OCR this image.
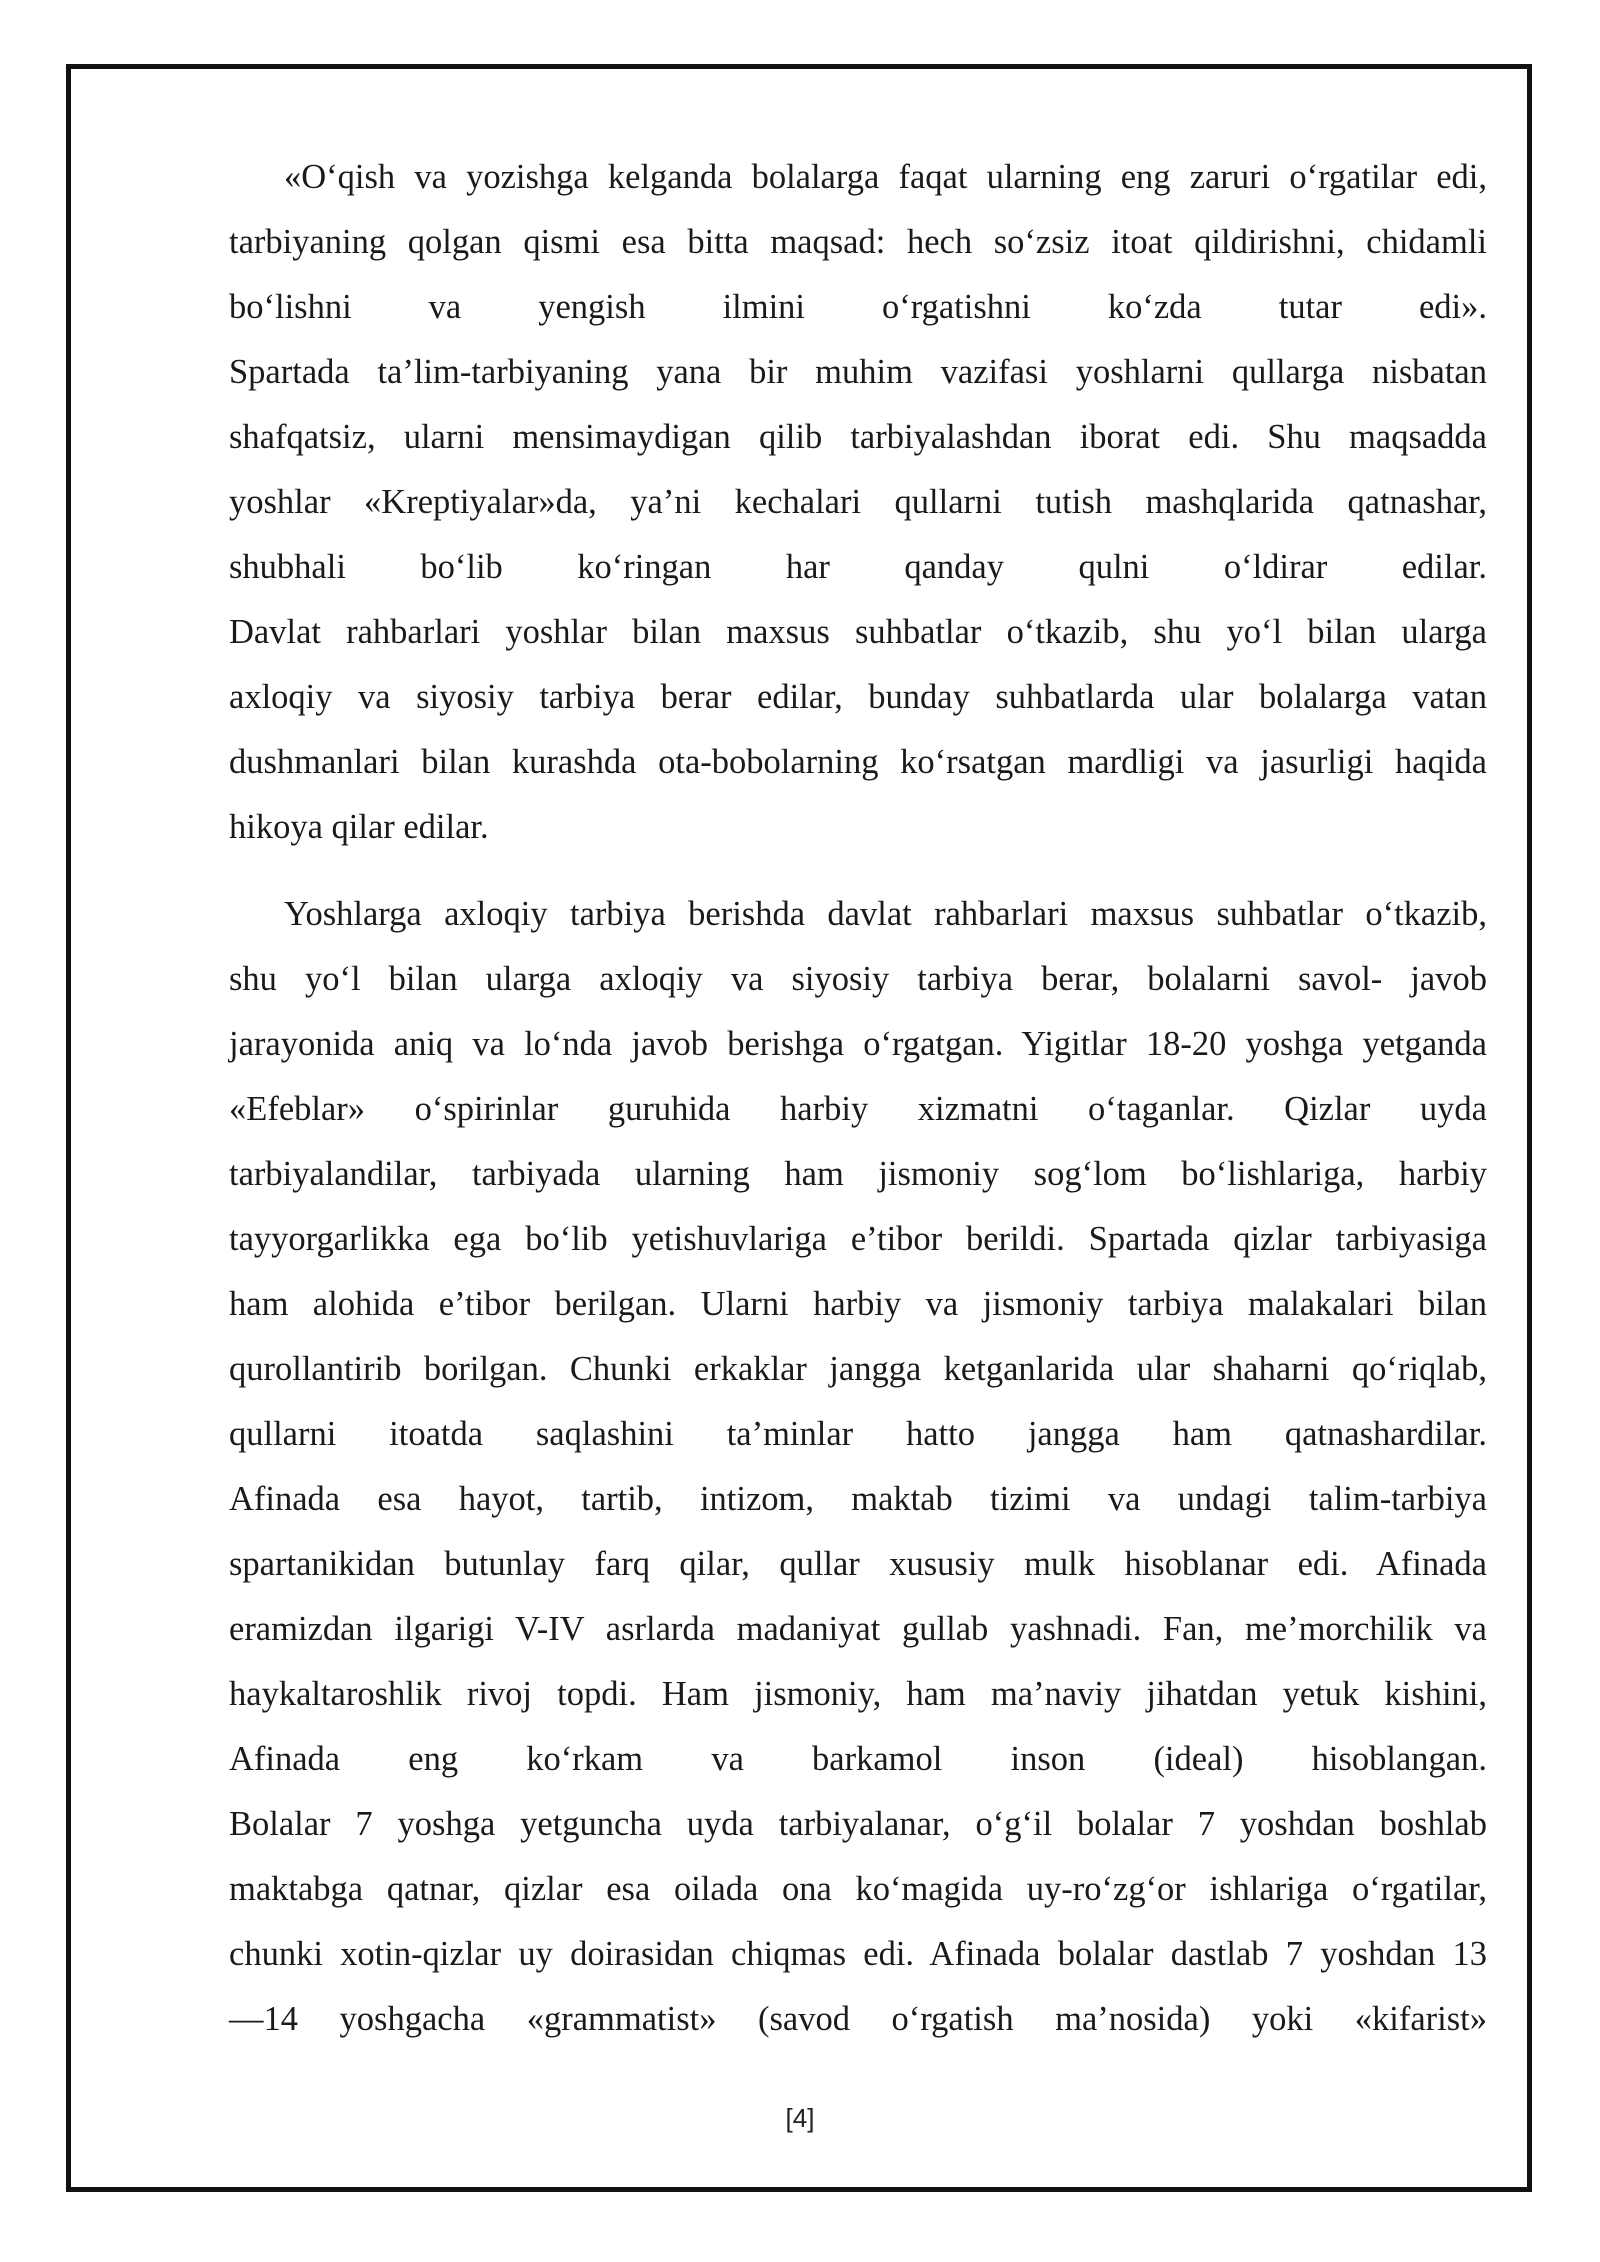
«O‘qish va yozishga kelganda bolalarga faqat ularning eng zaruri o‘rgatilar edi,
tarbiyaning qolgan qismi esa bitta maqsad: hech so‘zsiz itoat qildirishni, chidamli
bo‘lishni va yengish ilmini o‘rgatishni ko‘zda tutar edi».
Spartada ta’lim-tarbiyaning yana bir muhim vazifasi yoshlarni qullarga nisbatan
shafqatsiz, ularni mensimaydigan qilib tarbiyalashdan iborat edi. Shu maqsadda
yoshlar «Kreptiyalar»da, ya’ni kechalari qullarni tutish mashqlarida qatnashar,
shubhali bo‘lib ko‘ringan har qanday qulni o‘ldirar edilar.
Davlat rahbarlari yoshlar bilan maxsus suhbatlar o‘tkazib, shu yo‘l bilan ularga
axloqiy va siyosiy tarbiya berar edilar, bunday suhbatlarda ular bolalarga vatan
dushmanlari bilan kurashda ota-bobolarning ko‘rsatgan mardligi va jasurligi haqida
hikoya qilar edilar.
Yoshlarga axloqiy tarbiya berishda davlat rahbarlari maxsus suhbatlar o‘tkazib,
shu yo‘l bilan ularga axloqiy va siyosiy tarbiya berar, bolalarni savol- javob
jarayonida aniq va lo‘nda javob berishga o‘rgatgan. Yigitlar 18-20 yoshga yetganda
«Efeblar» o‘spirinlar guruhida harbiy xizmatni o‘taganlar. Qizlar uyda
tarbiyalandilar, tarbiyada ularning ham jismoniy sog‘lom bo‘lishlariga, harbiy
tayyorgarlikka ega bo‘lib yetishuvlariga e’tibor berildi. Spartada qizlar tarbiyasiga
ham alohida e’tibor berilgan. Ularni harbiy va jismoniy tarbiya malakalari bilan
qurollantirib borilgan. Chunki erkaklar jangga ketganlarida ular shaharni qo‘riqlab,
qullarni itoatda saqlashini ta’minlar hatto jangga ham qatnashardilar.
Afinada esa hayot, tartib, intizom, maktab tizimi va undagi talim-tarbiya
spartanikidan butunlay farq qilar, qullar xususiy mulk hisoblanar edi. Afinada
eramizdan ilgarigi V-IV asrlarda madaniyat gullab yashnadi. Fan, me’morchilik va
haykaltaroshlik rivoj topdi. Ham jismoniy, ham ma’naviy jihatdan yetuk kishini,
Afinada eng ko‘rkam va barkamol inson (ideal) hisoblangan.
Bolalar 7 yoshga yetguncha uyda tarbiyalanar, o‘g‘il bolalar 7 yoshdan boshlab
maktabga qatnar, qizlar esa oilada ona ko‘magida uy-ro‘zg‘or ishlariga o‘rgatilar,
chunki xotin-qizlar uy doirasidan chiqmas edi. Afinada bolalar dastlab 7 yoshdan 13
—14 yoshgacha «grammatist» (savod o‘rgatish ma’nosida) yoki «kifarist»
[4]
